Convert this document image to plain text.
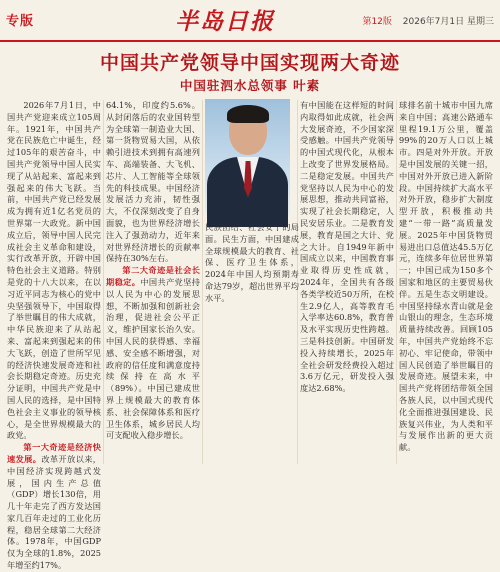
专版	半岛日报	第12版 2026年7月1日 星期三
中国共产党领导中国实现两大奇迹
中国驻泗水总领事 叶素

2026年7月1日，中国共产党迎来成立105周年。1921年，中国共产党在民族危亡中诞生，经过105年的艰苦奋斗，中国共产党领导中国人民实现了从站起来、富起来到强起来的伟大飞跃。当前，中国共产党已经发展成为拥有近1亿名党员的世界第一大政党。新中国成立后，领导中国人民完成社会主义革命和建设，实行改革开放，开辟中国特色社会主义道路。特别是党的十八大以来，在以习近平同志为核心的党中央坚强领导下，中国取得了举世瞩目的伟大成就，中华民族迎来了从站起来、富起来到强起来的伟大飞跃，创造了世所罕见的经济快速发展奇迹和社会长期稳定奇迹。历史充分证明，中国共产党是中国人民的选择，是中国特色社会主义事业的领导核心，是全世界规模最大的政党。

第一大奇迹是经济快速发展。改革开放以来，中国经济实现跨越式发展，国内生产总值（GDP）增长130倍，用几十年走完了西方发达国家几百年走过的工业化历程，稳居全球第二大经济体。1978年，中国GDP仅为全球的1.8%，2025年增至约17%。

64.1%，印度约5.6%。从封闭落后的农业国转型为全球第一制造业大国、第一货物贸易大国，从依赖引进技术到拥有高速列车、高端装备、大飞机、芯片、人工智能等全球领先的科技成果。中国经济发展活力充沛，韧性强大，不仅深刻改变了自身面貌，也为世界经济增长注入了强劲动力，近年来对世界经济增长的贡献率保持在30%左右。

第二大奇迹是社会长期稳定。中国共产党坚持以人民为中心的发展思想，不断加强和创新社会治理，促进社会公平正义，维护国家长治久安。中国人民的获得感、幸福感、安全感不断增强，对政府的信任度和满意度持续保持在高水平（89%）。中国已建成世界上规模最大的教育体系、社会保障体系和医疗卫生体系，城乡居民人均可支配收入稳步增长。

民族团结、社会安宁的局面。民生方面，中国建成全球规模最大的教育、社保、医疗卫生体系，2024年中国人均预期寿命达79岁，超出世界平均水平。

有中国能在这样短的时间内取得如此成就，社会两大发展奇迹，不少国家深受感触。中国共产党领导的中国式现代化，从根本上改变了世界发展格局。二是稳定发展。中国共产党坚持以人民为中心的发展思想，推动共同富裕，实现了社会长期稳定，人民安居乐业。二是教育发展，教育是国之大计、党之大计。自1949年新中国成立以来，中国教育事业取得历史性成就，2024年，全国共有各级各类学校近50万所，在校生2.9亿人，高等教育毛入学率达60.8%，教育普及水平实现历史性跨越。三是科技创新。中国研发投入持续增长，2025年全社会研发经费投入超过3.6万亿元，研发投入强度达2.68%。

球排名前十城市中国九席来自中国；高速公路通车里程19.1万公里，覆盖99%的20万人口以上城市。四是对外开放。开放是中国发展的关键一招，中国对外开放已进入新阶段。中国持续扩大高水平对外开放，稳步扩大制度型开放，积极推动共建“一带一路”高质量发展。2025年中国货物贸易进出口总值达45.5万亿元，连续多年位居世界第一；中国已成为150多个国家和地区的主要贸易伙伴。五是生态文明建设。中国坚持绿水青山就是金山银山的理念，生态环境质量持续改善。回顾105年，中国共产党始终不忘初心、牢记使命，带领中国人民创造了举世瞩目的发展奇迹。展望未来，中国共产党将团结带领全国各族人民，以中国式现代化全面推进强国建设、民族复兴伟业，为人类和平与发展作出新的更大贡献。
